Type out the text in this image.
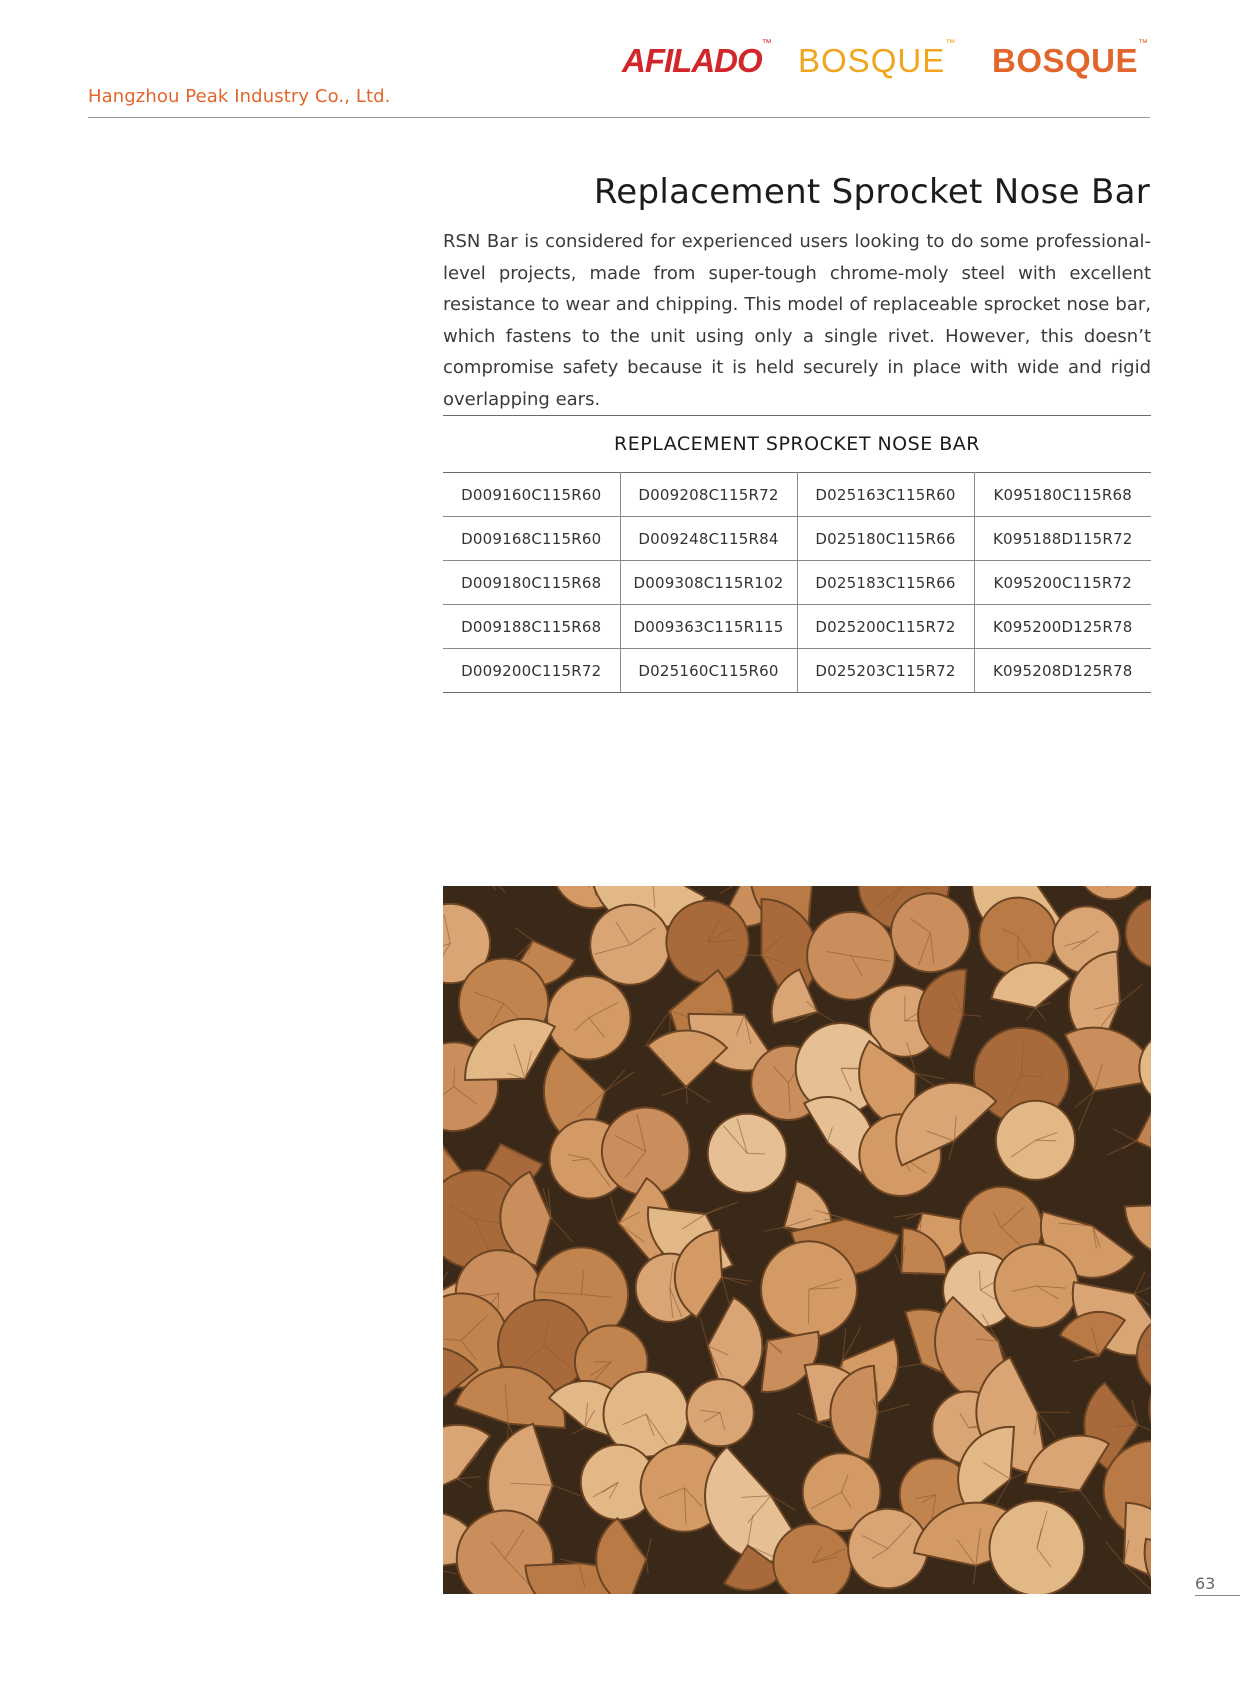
AFILADO™ BOSQUE™ BOSQUE™
Hangzhou Peak Industry Co., Ltd.
Replacement Sprocket Nose Bar

RSN Bar is considered for experienced users looking to do some professional-level projects, made from super-tough chrome-moly steel with excellent resistance to wear and chipping. This model of replaceable sprocket nose bar, which fastens to the unit using only a single rivet. However, this doesn’t compromise safety because it is held securely in place with wide and rigid overlapping ears.

REPLACEMENT SPROCKET NOSE BAR
D009160C115R60	D009208C115R72	D025163C115R60	K095180C115R68
D009168C115R60	D009248C115R84	D025180C115R66	K095188D115R72
D009180C115R68	D009308C115R102	D025183C115R66	K095200C115R72
D009188C115R68	D009363C115R115	D025200C115R72	K095200D125R78
D009200C115R72	D025160C115R60	D025203C115R72	K095208D125R78
63
